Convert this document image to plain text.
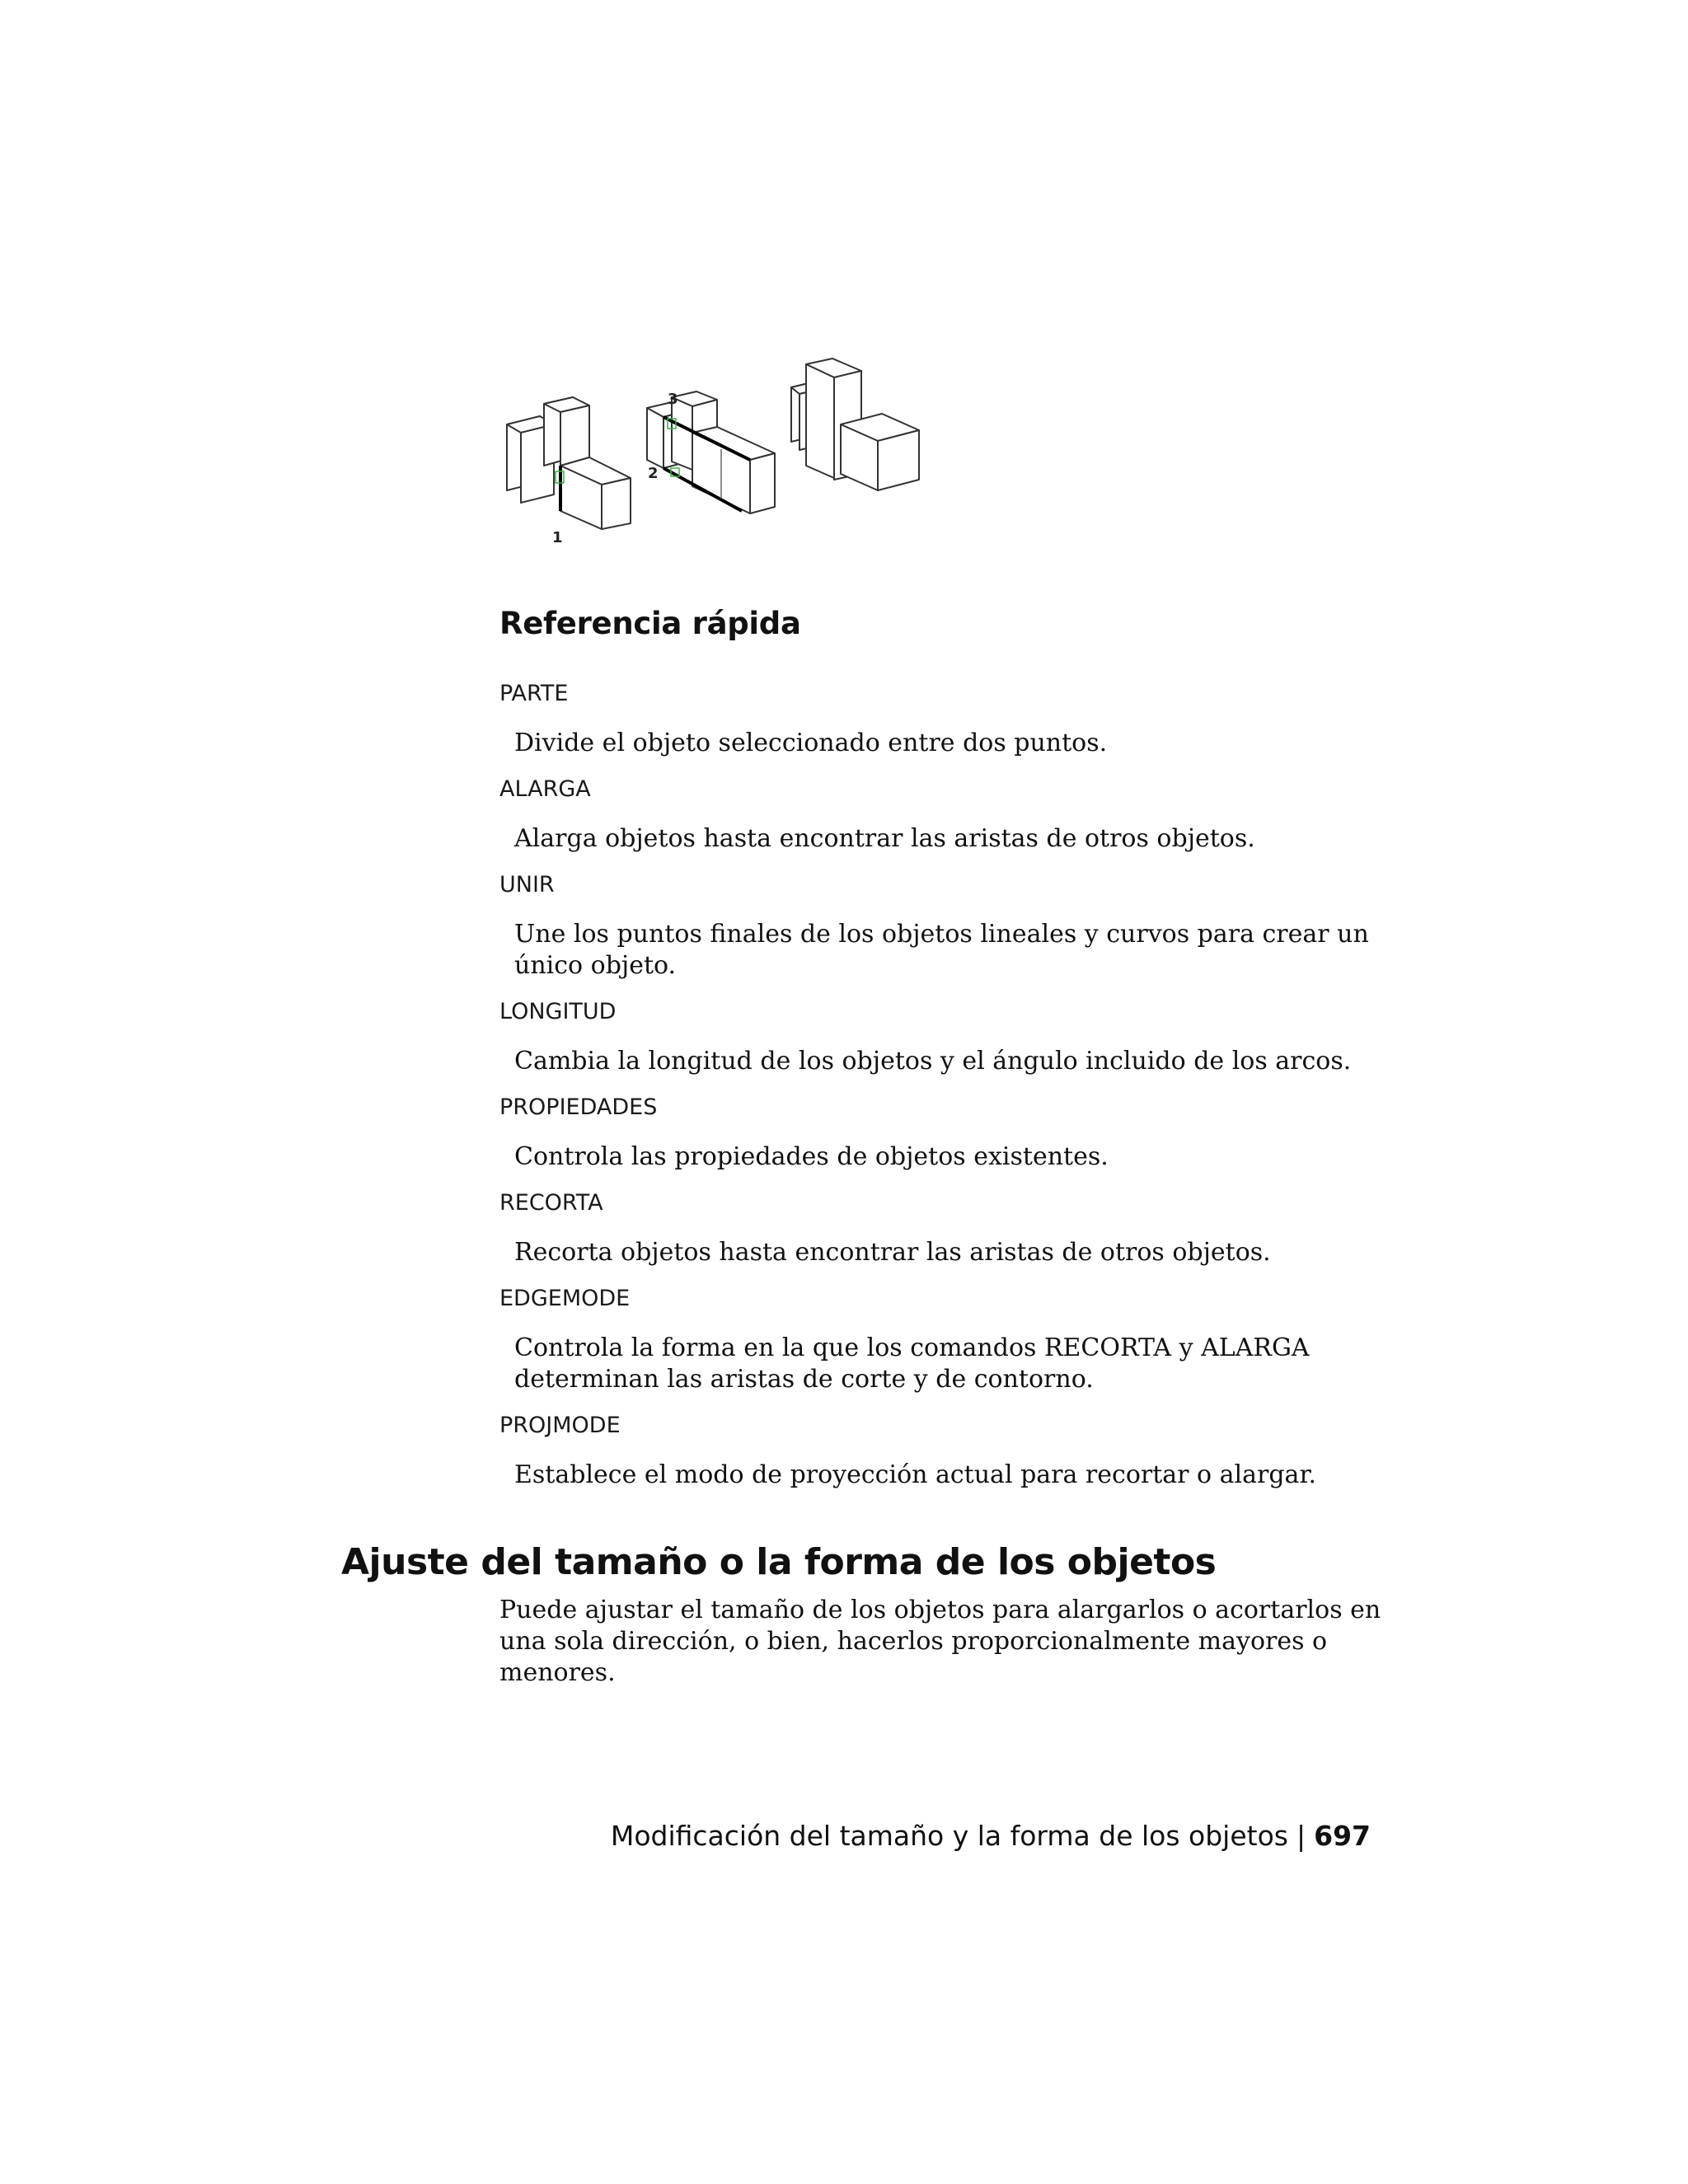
1
3
2
Referencia rápida
PARTE
Divide el objeto seleccionado entre dos puntos.
ALARGA
Alarga objetos hasta encontrar las aristas de otros objetos.
UNIR
Une los puntos finales de los objetos lineales y curvos para crear un único objeto.
LONGITUD
Cambia la longitud de los objetos y el ángulo incluido de los arcos.
PROPIEDADES
Controla las propiedades de objetos existentes.
RECORTA
Recorta objetos hasta encontrar las aristas de otros objetos.
EDGEMODE
Controla la forma en la que los comandos RECORTA y ALARGA determinan las aristas de corte y de contorno.
PROJMODE
Establece el modo de proyección actual para recortar o alargar.
Ajuste del tamaño o la forma de los objetos

Puede ajustar el tamaño de los objetos para alargarlos o acortarlos en una sola dirección, o bien, hacerlos proporcionalmente mayores o menores.

Modificación del tamaño y la forma de los objetos | 697
